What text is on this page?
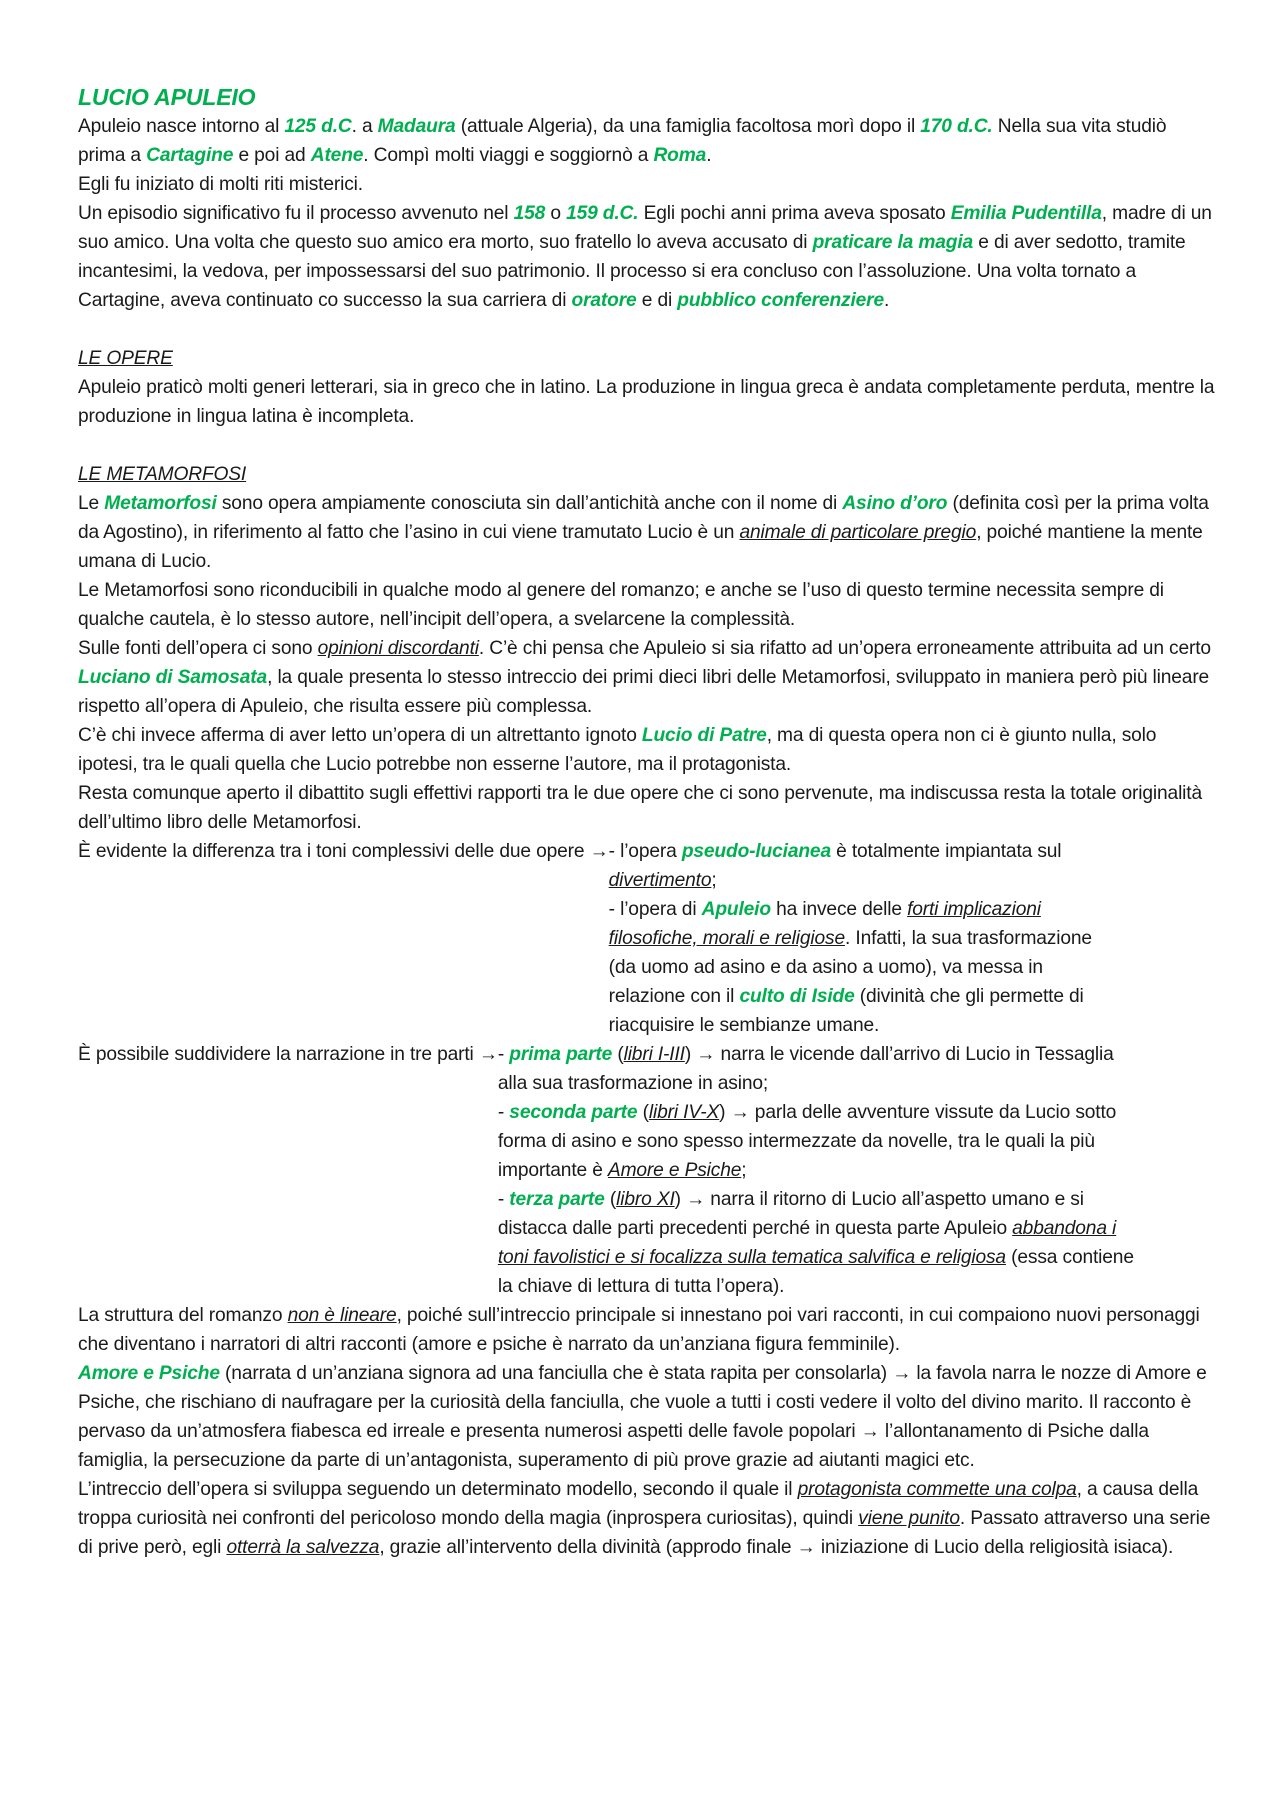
LUCIO APULEIO

Apuleio nasce intorno al 125 d.C. a Madaura (attuale Algeria), da una famiglia facoltosa morì dopo il 170 d.C. Nella sua vita studiò prima a Cartagine e poi ad Atene. Compì molti viaggi e soggiornò a Roma.

Egli fu iniziato di molti riti misterici.

Un episodio significativo fu il processo avvenuto nel 158 o 159 d.C. Egli pochi anni prima aveva sposato Emilia Pudentilla, madre di un suo amico. Una volta che questo suo amico era morto, suo fratello lo aveva accusato di praticare la magia e di aver sedotto, tramite incantesimi, la vedova, per impossessarsi del suo patrimonio. Il processo si era concluso con l’assoluzione. Una volta tornato a Cartagine, aveva continuato co successo la sua carriera di oratore e di pubblico conferenziere.

LE OPERE

Apuleio praticò molti generi letterari, sia in greco che in latino. La produzione in lingua greca è andata completamente perduta, mentre la produzione in lingua latina è incompleta.

LE METAMORFOSI

Le Metamorfosi sono opera ampiamente conosciuta sin dall’antichità anche con il nome di Asino d’oro (definita così per la prima volta da Agostino), in riferimento al fatto che l’asino in cui viene tramutato Lucio è un animale di particolare pregio, poiché mantiene la mente umana di Lucio.

Le Metamorfosi sono riconducibili in qualche modo al genere del romanzo; e anche se l’uso di questo termine necessita sempre di qualche cautela, è lo stesso autore, nell’incipit dell’opera, a svelarcene la complessità.

Sulle fonti dell’opera ci sono opinioni discordanti. C’è chi pensa che Apuleio si sia rifatto ad un’opera erroneamente attribuita ad un certo Luciano di Samosata, la quale presenta lo stesso intreccio dei primi dieci libri delle Metamorfosi, sviluppato in maniera però più lineare rispetto all’opera di Apuleio, che risulta essere più complessa.

C’è chi invece afferma di aver letto un’opera di un altrettanto ignoto Lucio di Patre, ma di questa opera non ci è giunto nulla, solo ipotesi, tra le quali quella che Lucio potrebbe non esserne l’autore, ma il protagonista.

Resta comunque aperto il dibattito sugli effettivi rapporti tra le due opere che ci sono pervenute, ma indiscussa resta la totale originalità dell’ultimo libro delle Metamorfosi.

È evidente la differenza tra i toni complessivi delle due opere → - l’opera pseudo-lucianea è totalmente impiantata sul divertimento;

- l’opera di Apuleio ha invece delle forti implicazioni filosofiche, morali e religiose. Infatti, la sua trasformazione (da uomo ad asino e da asino a uomo), va messa in relazione con il culto di Iside (divinità che gli permette di riacquisire le sembianze umane.

È possibile suddividere la narrazione in tre parti → - prima parte (libri I-III) → narra le vicende dall’arrivo di Lucio in Tessaglia alla sua trasformazione in asino;

- seconda parte (libri IV-X) → parla delle avventure vissute da Lucio sotto forma di asino e sono spesso intermezzate da novelle, tra le quali la più importante è Amore e Psiche;

- terza parte (libro XI) → narra il ritorno di Lucio all’aspetto umano e si distacca dalle parti precedenti perché in questa parte Apuleio abbandona i toni favolistici e si focalizza sulla tematica salvifica e religiosa (essa contiene la chiave di lettura di tutta l’opera).

La struttura del romanzo non è lineare, poiché sull’intreccio principale si innestano poi vari racconti, in cui compaiono nuovi personaggi che diventano i narratori di altri racconti (amore e psiche è narrato da un’anziana figura femminile).

Amore e Psiche (narrata d un’anziana signora ad una fanciulla che è stata rapita per consolarla) → la favola narra le nozze di Amore e Psiche, che rischiano di naufragare per la curiosità della fanciulla, che vuole a tutti i costi vedere il volto del divino marito. Il racconto è pervaso da un’atmosfera fiabesca ed irreale e presenta numerosi aspetti delle favole popolari → l’allontanamento di Psiche dalla famiglia, la persecuzione da parte di un’antagonista, superamento di più prove grazie ad aiutanti magici etc.

L’intreccio dell’opera si sviluppa seguendo un determinato modello, secondo il quale il protagonista commette una colpa, a causa della troppa curiosità nei confronti del pericoloso mondo della magia (inprospera curiositas), quindi viene punito. Passato attraverso una serie di prive però, egli otterrà la salvezza, grazie all’intervento della divinità (approdo finale → iniziazione di Lucio della religiosità isiaca).
